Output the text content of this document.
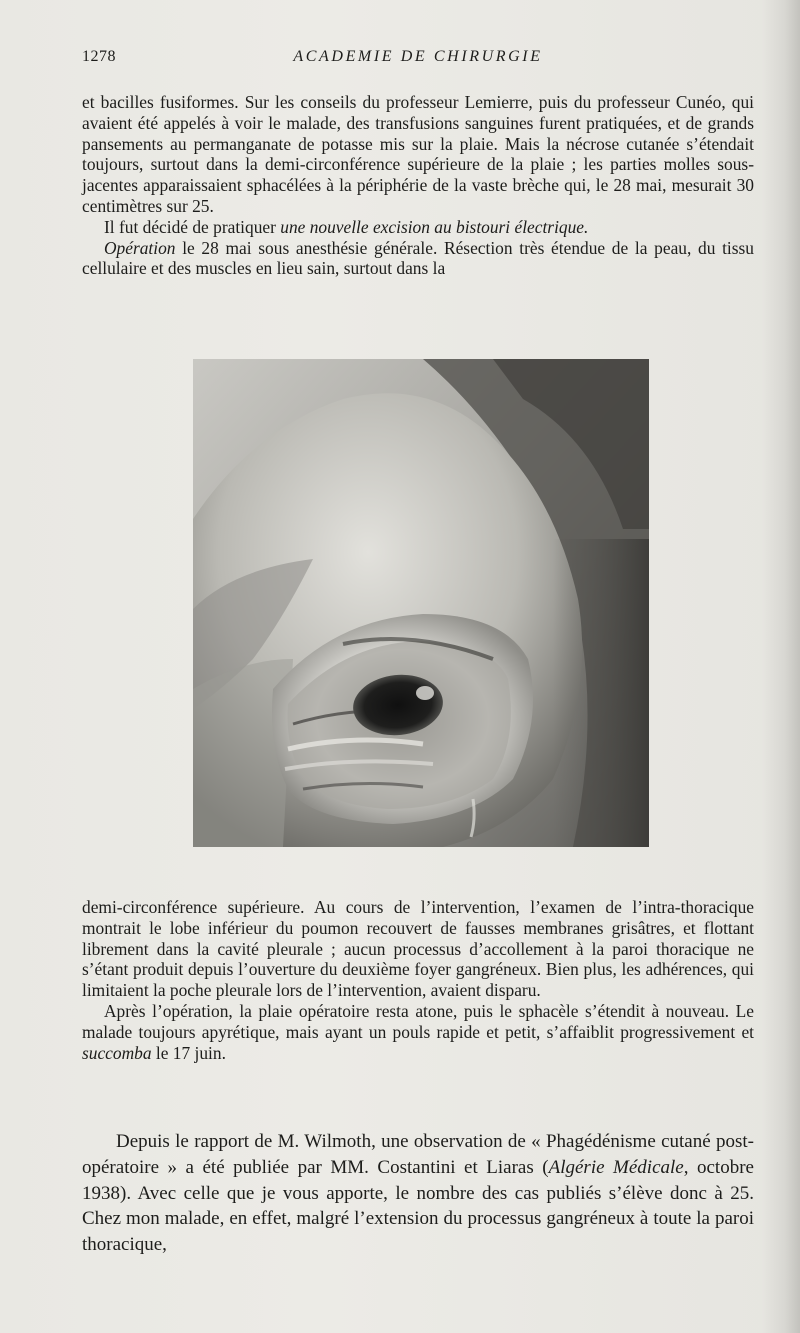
1278	ACADEMIE DE CHIRURGIE

et bacilles fusiformes. Sur les conseils du professeur Lemierre, puis du professeur Cunéo, qui avaient été appelés à voir le malade, des transfusions sanguines furent pratiquées, et de grands pansements au permanganate de potasse mis sur la plaie. Mais la nécrose cutanée s’étendait toujours, surtout dans la demi-circonférence supérieure de la plaie ; les parties molles sous-jacentes apparaissaient sphacélées à la périphérie de la vaste brèche qui, le 28 mai, mesurait 30 centimètres sur 25.

Il fut décidé de pratiquer une nouvelle excision au bistouri électrique.

Opération le 28 mai sous anesthésie générale. Résection très étendue de la peau, du tissu cellulaire et des muscles en lieu sain, surtout dans la

demi-circonférence supérieure. Au cours de l’intervention, l’examen de l’intra-thoracique montrait le lobe inférieur du poumon recouvert de fausses membranes grisâtres, et flottant librement dans la cavité pleurale ; aucun processus d’accollement à la paroi thoracique ne s’étant produit depuis l’ouverture du deuxième foyer gangréneux. Bien plus, les adhérences, qui limitaient la poche pleurale lors de l’intervention, avaient disparu.

Après l’opération, la plaie opératoire resta atone, puis le sphacèle s’étendit à nouveau. Le malade toujours apyrétique, mais ayant un pouls rapide et petit, s’affaiblit progressivement et succomba le 17 juin.

Depuis le rapport de M. Wilmoth, une observation de « Phagédénisme cutané post-opératoire » a été publiée par MM. Costantini et Liaras (Algérie Médicale, octobre 1938). Avec celle que je vous apporte, le nombre des cas publiés s’élève donc à 25. Chez mon malade, en effet, malgré l’extension du processus gangréneux à toute la paroi thoracique,
